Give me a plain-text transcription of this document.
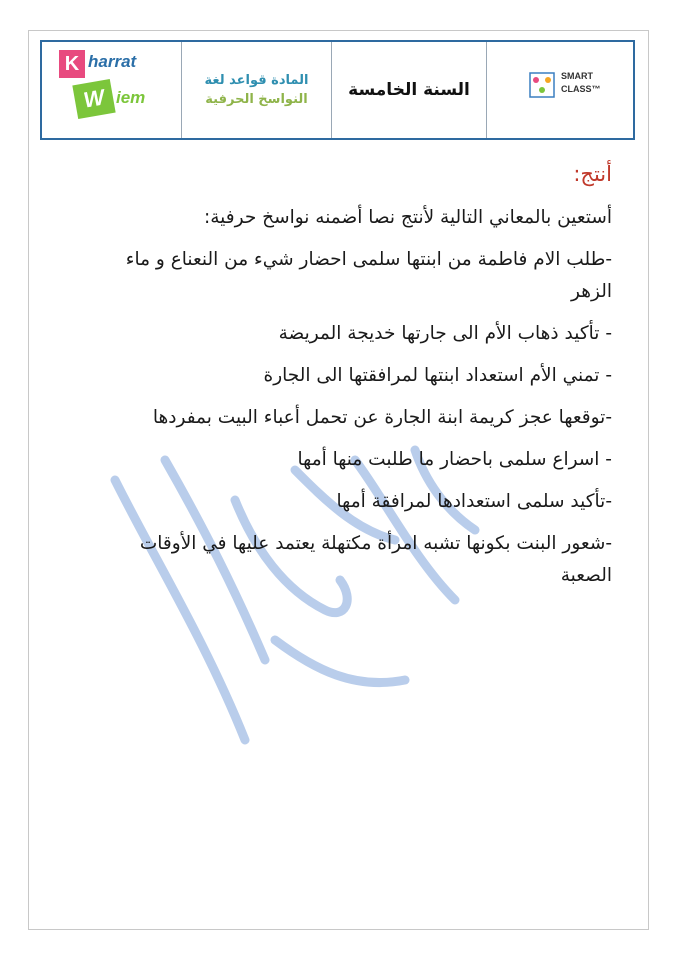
K harrat
W iem
المادة قواعد لغة
النواسخ الحرفية السنة الخامسة
SMART
CLASS™
أنتج:
أستعين بالمعاني التالية لأنتج نصا أضمنه نواسخ حرفية:
-طلب الام فاطمة من ابنتها سلمى احضار شيء من النعناع و ماء الزهر
- تأكيد ذهاب الأم الى جارتها خديجة المريضة
- تمني الأم استعداد ابنتها لمرافقتها الى الجارة
-توقعها عجز كريمة ابنة الجارة عن تحمل أعباء البيت بمفردها
- اسراع سلمى باحضار ما طلبت منها أمها
-تأكيد سلمى استعدادها لمرافقة أمها
-شعور البنت بكونها تشبه امرأة مكتهلة يعتمد عليها في الأوقات الصعبة
